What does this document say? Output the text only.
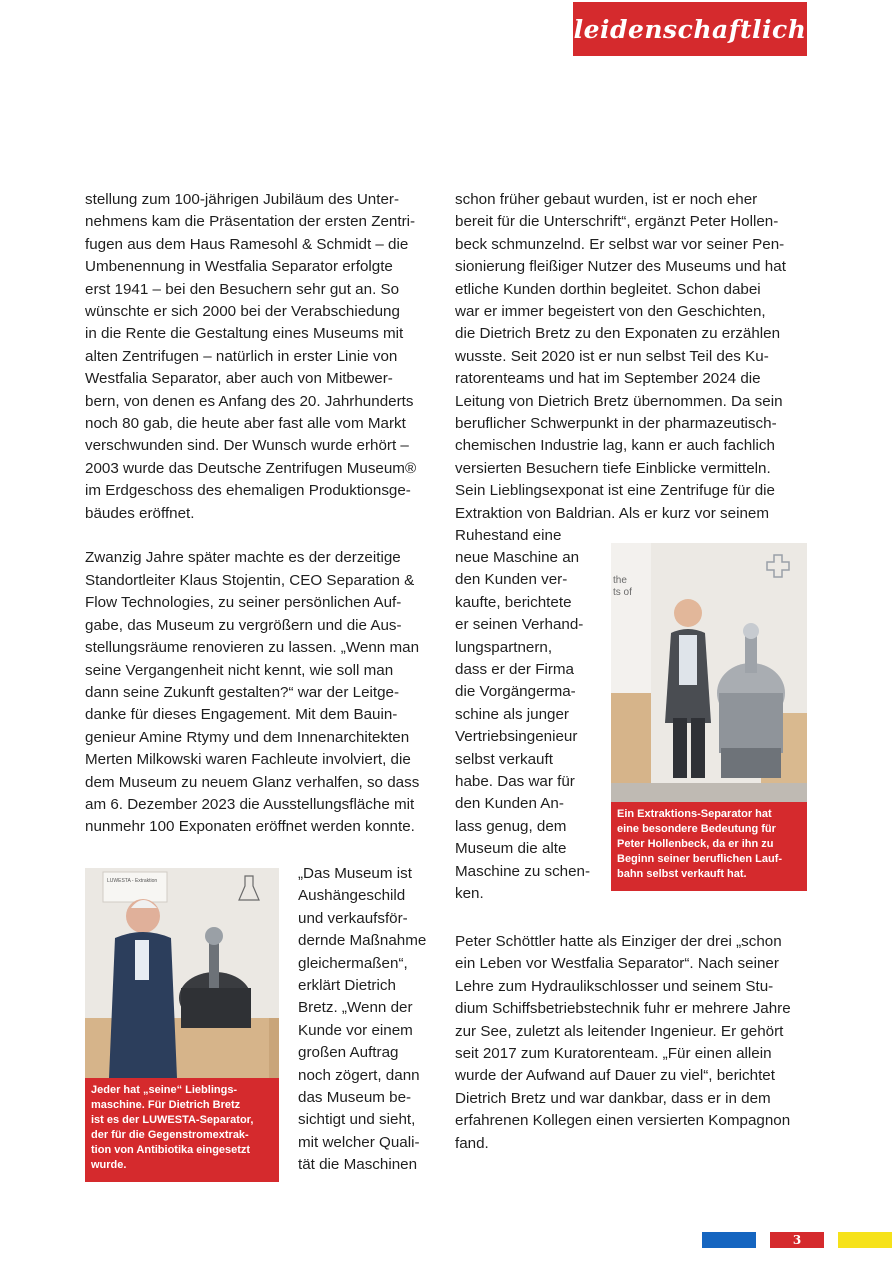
leidenschaftlich

stellung zum 100-jährigen Jubiläum des Unter-

nehmens kam die Präsentation der ersten Zentri-

fugen aus dem Haus Ramesohl & Schmidt – die

Umbenennung in Westfalia Separator erfolgte

erst 1941 – bei den Besuchern sehr gut an. So

wünschte er sich 2000 bei der Verabschiedung

in die Rente die Gestaltung eines Museums mit

alten Zentrifugen – natürlich in erster Linie von

Westfalia Separator, aber auch von Mitbewer-

bern, von denen es Anfang des 20. Jahrhunderts

noch 80 gab, die heute aber fast alle vom Markt

verschwunden sind. Der Wunsch wurde erhört –

2003 wurde das Deutsche Zentrifugen Museum®

im Erdgeschoss des ehemaligen Produktionsge-

bäudes eröffnet.

Zwanzig Jahre später machte es der derzeitige

Standortleiter Klaus Stojentin, CEO Separation &

Flow Technologies, zu seiner persönlichen Auf-

gabe, das Museum zu vergrößern und die Aus-

stellungsräume renovieren zu lassen. „Wenn man

seine Vergangenheit nicht kennt, wie soll man

dann seine Zukunft gestalten?“ war der Leitge-

danke für dieses Engagement. Mit dem Bauin-

genieur Amine Rtymy und dem Innenarchitekten

Merten Milkowski waren Fachleute involviert, die

dem Museum zu neuem Glanz verhalfen, so dass

am 6. Dezember 2023 die Ausstellungsfläche mit

nunmehr 100 Exponaten eröffnet werden konnte.

„Das Museum ist

Aushängeschild

und verkaufsför-

dernde Maßnahme

gleichermaßen“,

erklärt Dietrich

Bretz. „Wenn der

Kunde vor einem

großen Auftrag

noch zögert, dann

das Museum be-

sichtigt und sieht,

mit welcher Quali-

tät die Maschinen

schon früher gebaut wurden, ist er noch eher

bereit für die Unterschrift“, ergänzt Peter Hollen-

beck schmunzelnd. Er selbst war vor seiner Pen-

sionierung fleißiger Nutzer des Museums und hat

etliche Kunden dorthin begleitet. Schon dabei

war er immer begeistert von den Geschichten,

die Dietrich Bretz zu den Exponaten zu erzählen

wusste. Seit 2020 ist er nun selbst Teil des Ku-

ratorenteams und hat im September 2024 die

Leitung von Dietrich Bretz übernommen. Da sein

beruflicher Schwerpunkt in der pharmazeutisch-

chemischen Industrie lag, kann er auch fachlich

versierten Besuchern tiefe Einblicke vermitteln.

Sein Lieblingsexponat ist eine Zentrifuge für die

Extraktion von Baldrian. Als er kurz vor seinem

Ruhestand eine

neue Maschine an

den Kunden ver-

kaufte, berichtete

er seinen Verhand-

lungspartnern,

dass er der Firma

die Vorgängerma-

schine als junger

Vertriebsingenieur

selbst verkauft

habe. Das war für

den Kunden An-

lass genug, dem

Museum die alte

Maschine zu schen-

ken.

Peter Schöttler hatte als Einziger der drei „schon

ein Leben vor Westfalia Separator“. Nach seiner

Lehre zum Hydraulikschlosser und seinem Stu-

dium Schiffsbetriebstechnik fuhr er mehrere Jahre

zur See, zuletzt als leitender Ingenieur. Er gehört

seit 2017 zum Kuratorenteam. „Für einen allein

wurde der Aufwand auf Dauer zu viel“, berichtet

Dietrich Bretz und war dankbar, dass er in dem

erfahrenen Kollegen einen versierten Kompagnon

fand.

the
ts of

Ein Extraktions-Separator hat

eine besondere Bedeutung für

Peter Hollenbeck, da er ihn zu

Beginn seiner beruflichen Lauf-

bahn selbst verkauft hat.

LUWESTA - Extraktion

Jeder hat „seine“ Lieblings-

maschine. Für Dietrich Bretz

ist es der LUWESTA-Separator,

der für die Gegenstromextrak-

tion von Antibiotika eingesetzt

wurde.

3
